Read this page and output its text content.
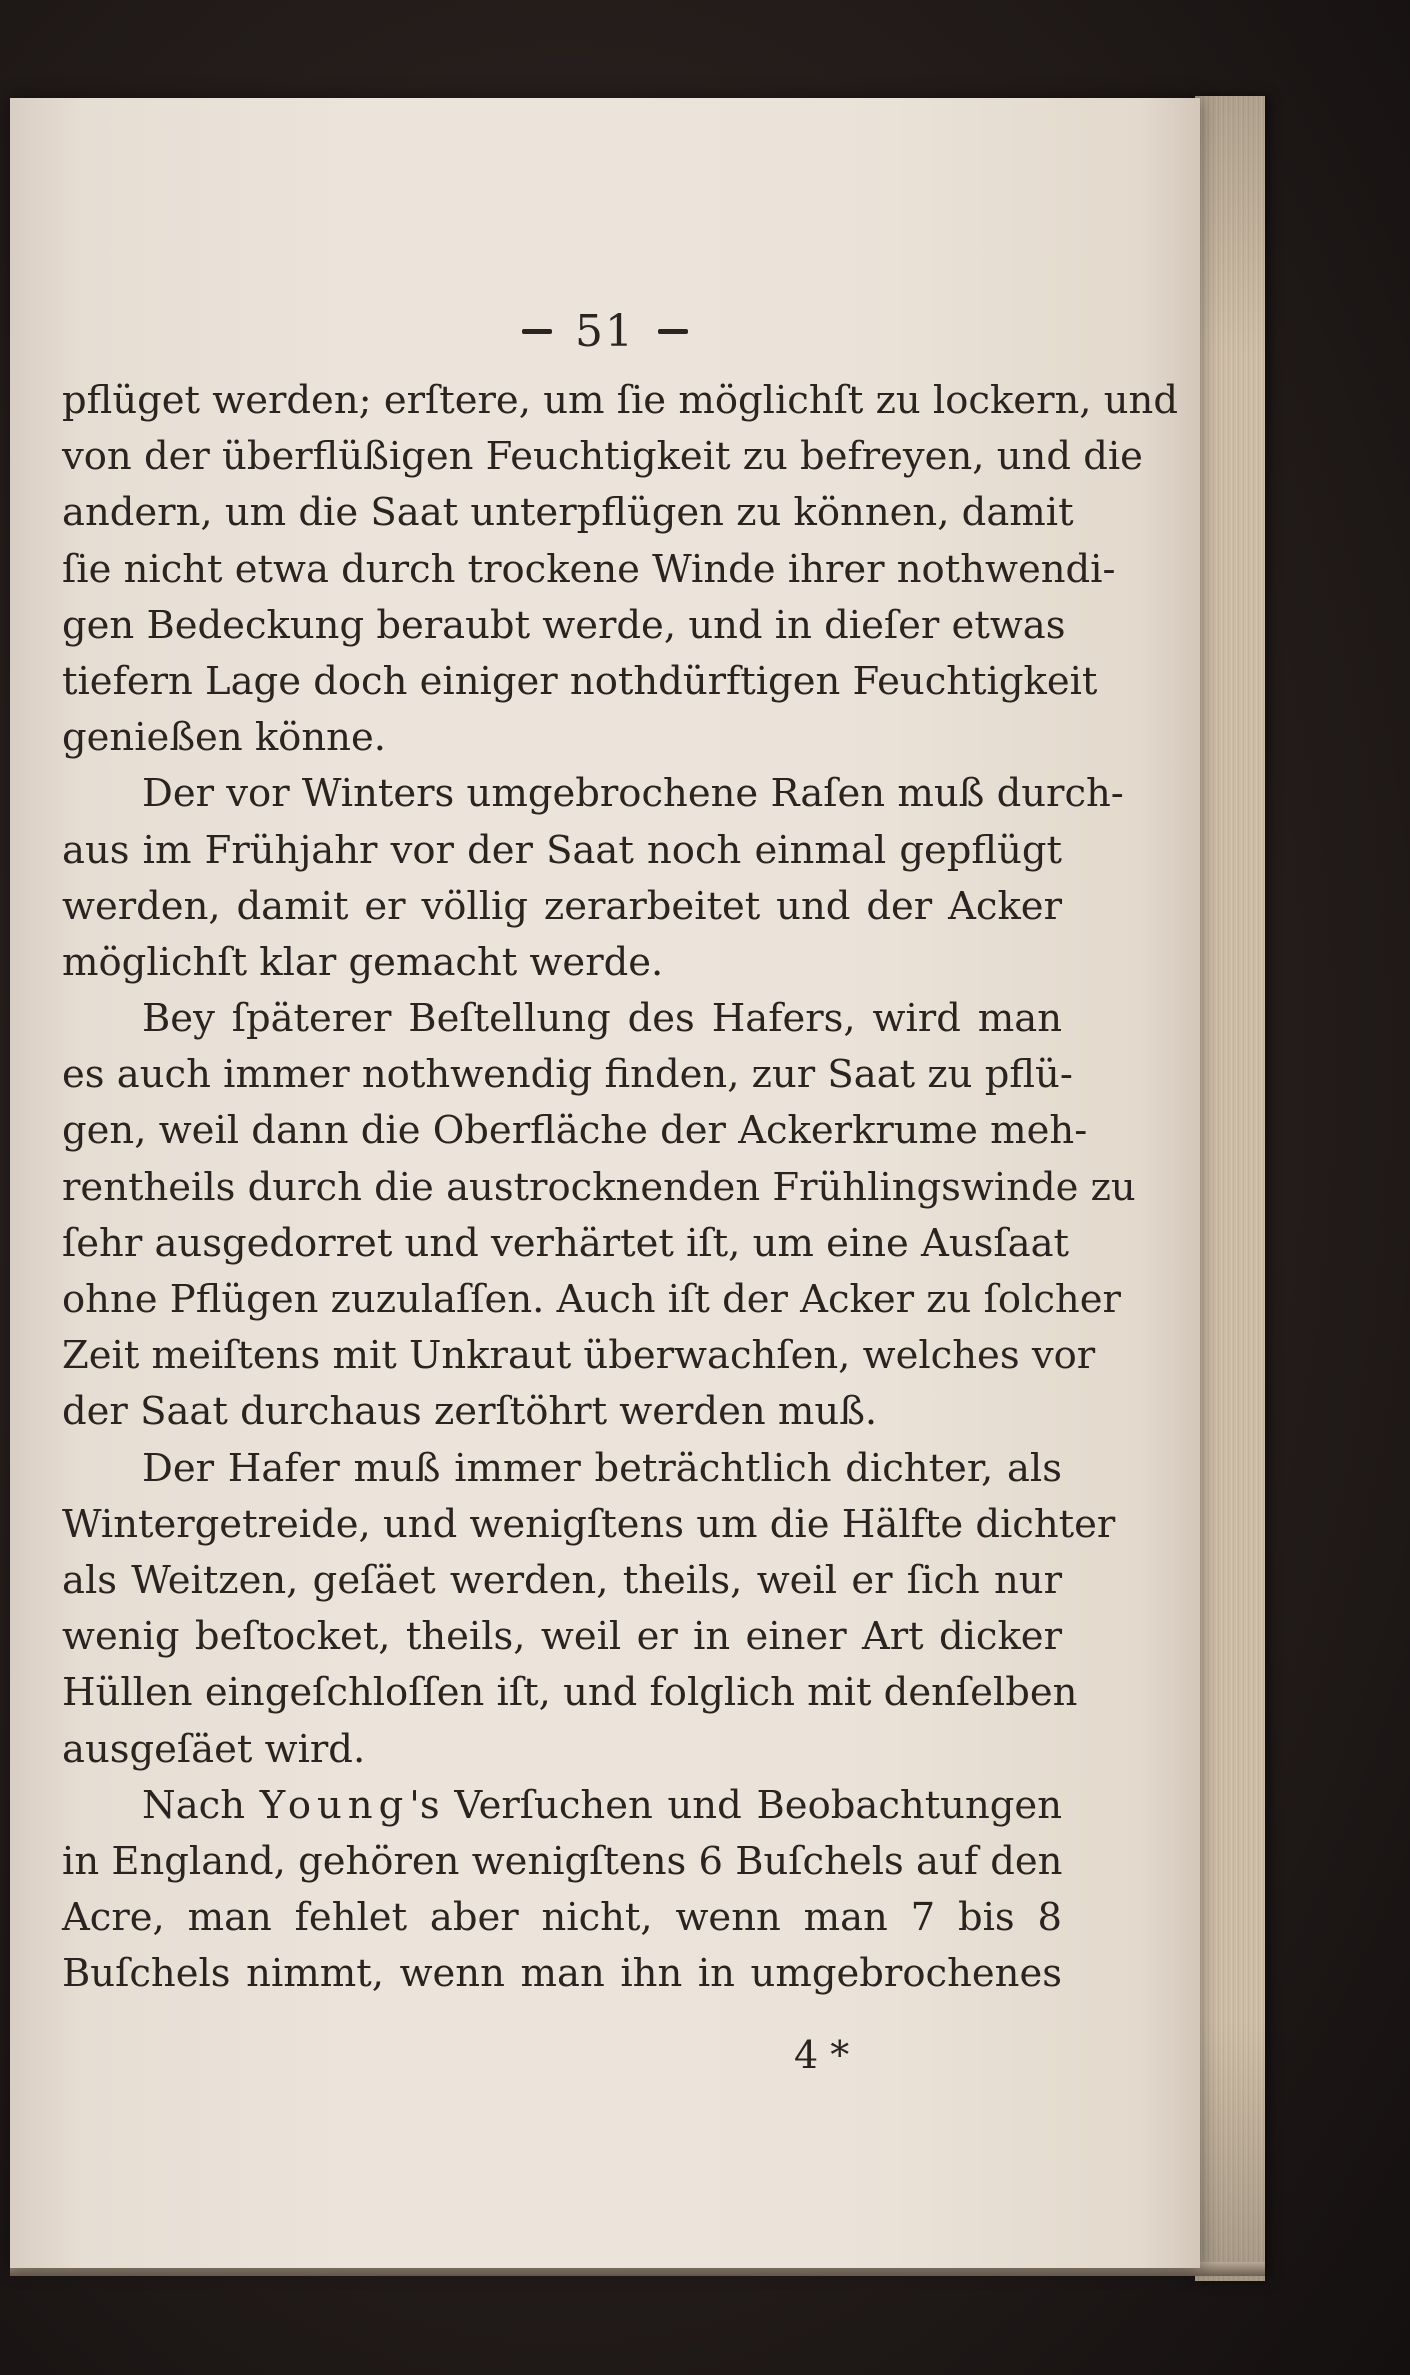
51
pflüget werden; erſtere, um ſie möglichſt zu lockern, und
von der überflüßigen Feuchtigkeit zu befreyen, und die
andern, um die Saat unterpflügen zu können, damit
ſie nicht etwa durch trockene Winde ihrer nothwendi-
gen Bedeckung beraubt werde, und in dieſer etwas
tiefern Lage doch einiger nothdürftigen Feuchtigkeit
genießen könne.
Der vor Winters umgebrochene Raſen muß durch-
aus im Frühjahr vor der Saat noch einmal gepflügt
werden, damit er völlig zerarbeitet und der Acker
möglichſt klar gemacht werde.
Bey ſpäterer Beſtellung des Hafers, wird man
es auch immer nothwendig finden, zur Saat zu pflü-
gen, weil dann die Oberfläche der Ackerkrume meh-
rentheils durch die austrocknenden Frühlingswinde zu
ſehr ausgedorret und verhärtet iſt, um eine Ausſaat
ohne Pflügen zuzulaſſen. Auch iſt der Acker zu ſolcher
Zeit meiſtens mit Unkraut überwachſen, welches vor
der Saat durchaus zerſtöhrt werden muß.
Der Hafer muß immer beträchtlich dichter, als
Wintergetreide, und wenigſtens um die Hälfte dichter
als Weitzen, geſäet werden, theils, weil er ſich nur
wenig beſtocket, theils, weil er in einer Art dicker
Hüllen eingeſchloſſen iſt, und folglich mit denſelben
ausgeſäet wird.
Nach Young's Verſuchen und Beobachtungen
in England, gehören wenigſtens 6 Buſchels auf den
Acre, man fehlet aber nicht, wenn man 7 bis 8
Buſchels nimmt, wenn man ihn in umgebrochenes
4 *
